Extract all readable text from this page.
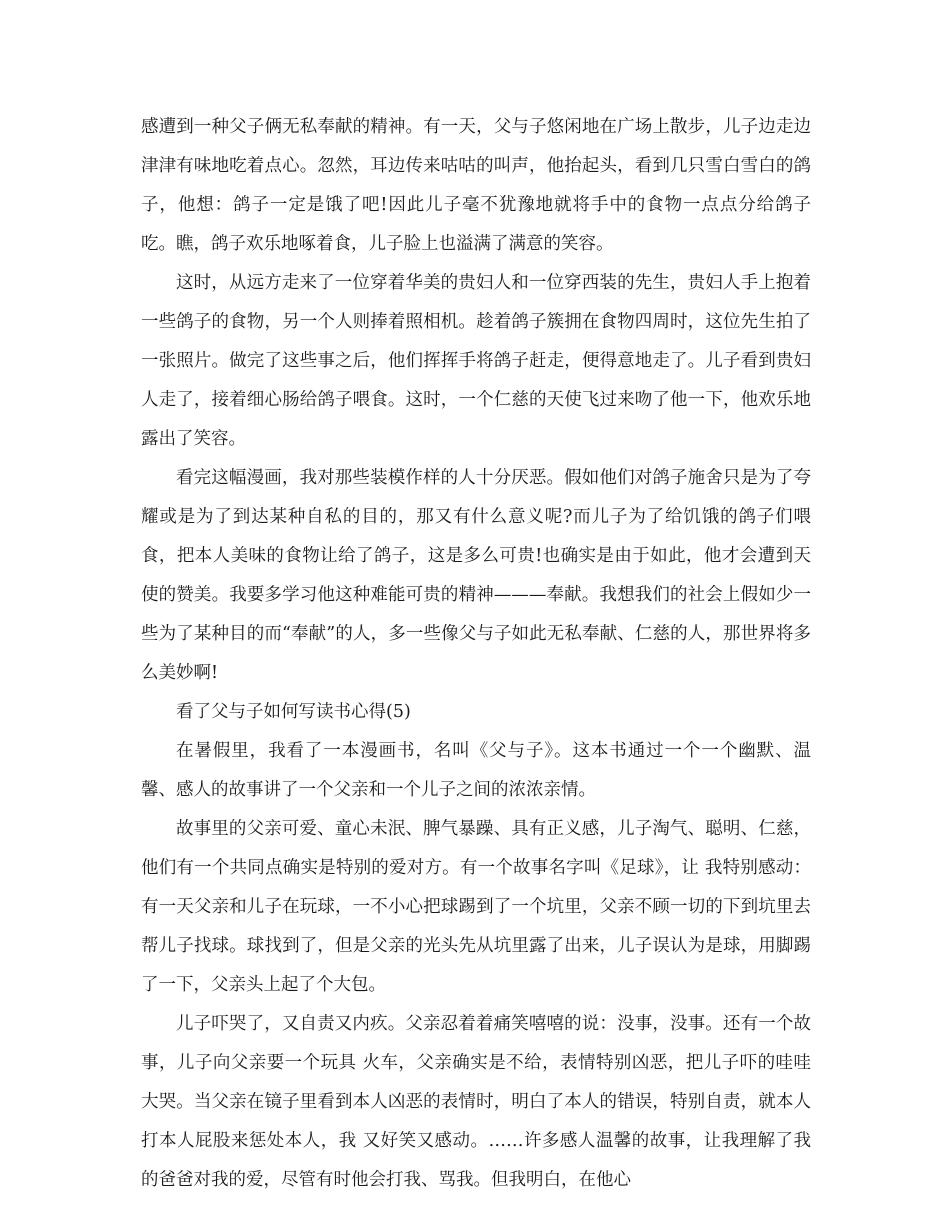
感遭到一种父子俩无私奉献的精神。有一天，父与子悠闲地在广场上散步，儿子边走边津津有味地吃着点心。忽然，耳边传来咕咕的叫声，他抬起头，看到几只雪白雪白的鸽子，他想：鸽子一定是饿了吧!因此儿子毫不犹豫地就将手中的食物一点点分给鸽子吃。瞧，鸽子欢乐地啄着食，儿子脸上也溢满了满意的笑容。

这时，从远方走来了一位穿着华美的贵妇人和一位穿西装的先生，贵妇人手上抱着一些鸽子的食物，另一个人则捧着照相机。趁着鸽子簇拥在食物四周时，这位先生拍了一张照片。做完了这些事之后，他们挥挥手将鸽子赶走，便得意地走了。儿子看到贵妇人走了，接着细心肠给鸽子喂食。这时，一个仁慈的天使飞过来吻了他一下，他欢乐地露出了笑容。

看完这幅漫画，我对那些装模作样的人十分厌恶。假如他们对鸽子施舍只是为了夸耀或是为了到达某种自私的目的，那又有什么意义呢?而儿子为了给饥饿的鸽子们喂食，把本人美味的食物让给了鸽子，这是多么可贵!也确实是由于如此，他才会遭到天使的赞美。我要多学习他这种难能可贵的精神———奉献。我想我们的社会上假如少一些为了某种目的而“奉献”的人，多一些像父与子如此无私奉献、仁慈的人，那世界将多么美妙啊!

看了父与子如何写读书心得(5)

在暑假里，我看了一本漫画书，名叫《父与子》。这本书通过一个一个幽默、温馨、感人的故事讲了一个父亲和一个儿子之间的浓浓亲情。

故事里的父亲可爱、童心未泯、脾气暴躁、具有正义感，儿子淘气、聪明、仁慈，他们有一个共同点确实是特别的爱对方。有一个故事名字叫《足球》，让 我特别感动：有一天父亲和儿子在玩球，一不小心把球踢到了一个坑里，父亲不顾一切的下到坑里去帮儿子找球。球找到了，但是父亲的光头先从坑里露了出来，儿子误认为是球，用脚踢了一下，父亲头上起了个大包。

儿子吓哭了，又自责又内疚。父亲忍着着痛笑嘻嘻的说：没事，没事。还有一个故事，儿子向父亲要一个玩具 火车，父亲确实是不给，表情特别凶恶，把儿子吓的哇哇大哭。当父亲在镜子里看到本人凶恶的表情时，明白了本人的错误，特别自责，就本人打本人屁股来惩处本人，我 又好笑又感动。……许多感人温馨的故事，让我理解了我的爸爸对我的爱，尽管有时他会打我、骂我。但我明白，在他心
